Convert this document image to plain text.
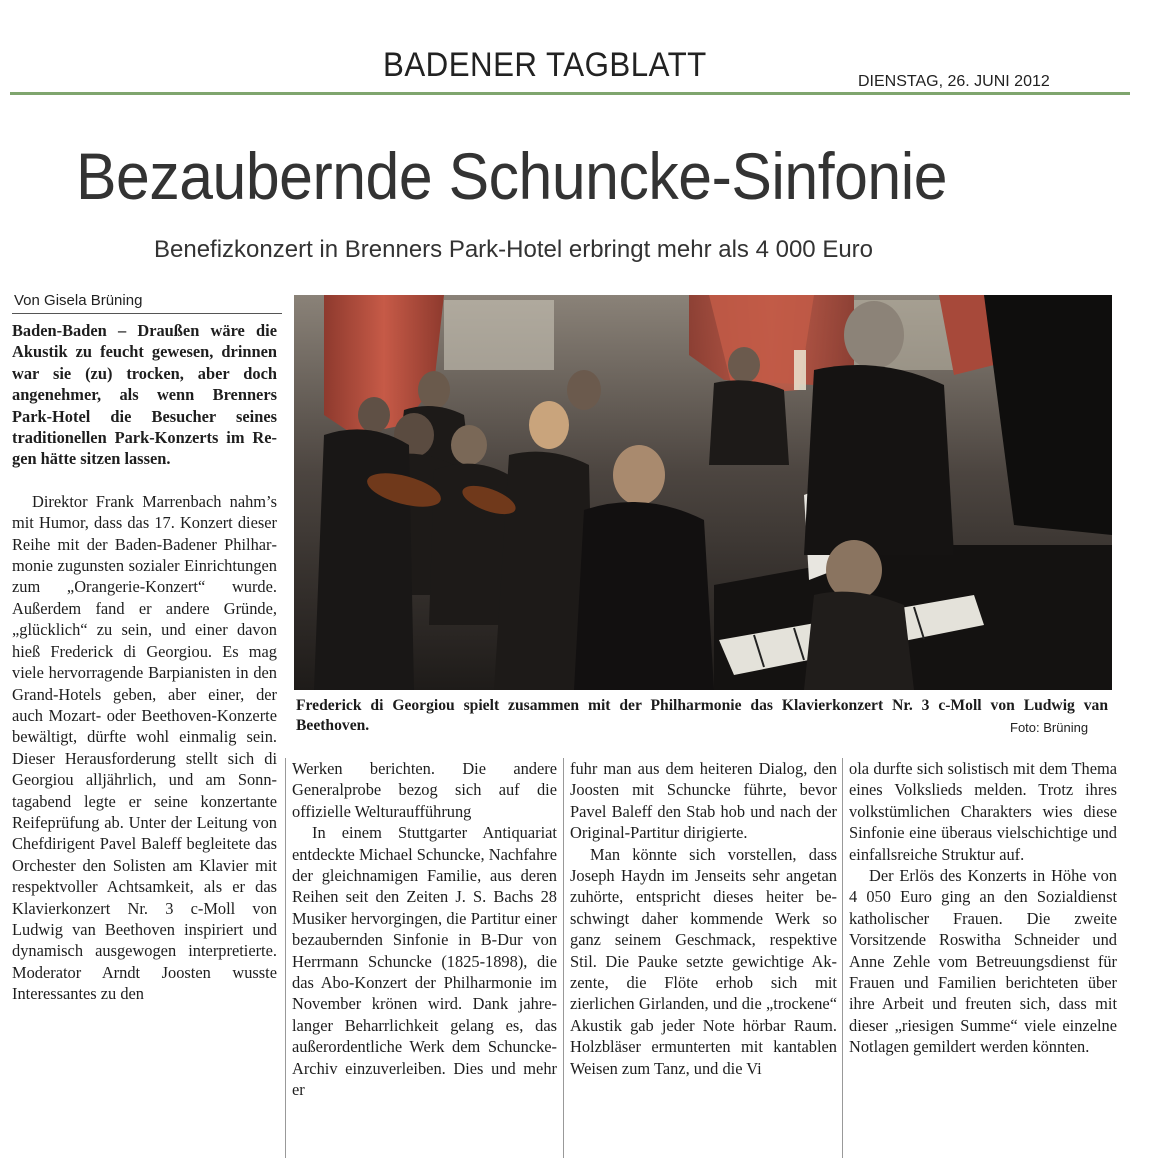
BADENER TAGBLATT	DIENSTAG, 26. JUNI 2012
Bezaubernde Schuncke-Sinfonie
Benefizkonzert in Brenners Park-Hotel erbringt mehr als 4 000 Euro
Von Gisela Brüning

Baden-Baden – Draußen wäre die Akustik zu feucht gewesen, drinnen war sie (zu) trocken, aber doch angenehmer, als wenn Brenners Park-Hotel die Besucher seines traditionellen Park-Konzerts im Regen hätte sitzen lassen.

Direktor Frank Marrenbach nahm’s mit Humor, dass das 17. Konzert dieser Reihe mit der Baden-Badener Philharmonie zugunsten sozialer Einrichtungen zum „Orangerie-Konzert“ wurde. Außerdem fand er andere Gründe, „glücklich“ zu sein, und einer davon hieß Frederick di Georgiou. Es mag viele hervorragende Barpianisten in den Grand-Hotels geben, aber einer, der auch Mozart- oder Beethoven-Konzerte bewältigt, dürfte wohl einmalig sein. Dieser Herausforderung stellt sich di Georgiou alljährlich, und am Sonntagabend legte er seine konzertante Reifeprüfung ab. Unter der Leitung von Chefdirigent Pavel Baleff begleitete das Orchester den Solisten am Klavier mit respektvoller Achtsamkeit, als er das Klavierkonzert Nr. 3 c-Moll von Ludwig van Beethoven inspiriert und dynamisch ausgewogen interpretierte. Moderator Arndt Joosten wusste Interessantes zu den

Frederick di Georgiou spielt zusammen mit der Philharmonie das Klavierkonzert Nr. 3 c-Moll von Ludwig van Beethoven.	Foto: Brüning

Werken berichten. Die andere Generalprobe bezog sich auf die offizielle Welturaufführung

In einem Stuttgarter Antiquariat entdeckte Michael Schuncke, Nachfahre der gleichnamigen Familie, aus deren Reihen seit den Zeiten J. S. Bachs 28 Musiker hervorgingen, die Partitur einer bezaubernden Sinfonie in B-Dur von Herrmann Schuncke (1825-1898), die das Abo-Konzert der Philharmonie im November krönen wird. Dank jahrelanger Beharrlichkeit gelang es, das außerordentliche Werk dem Schuncke-Archiv einzuverleiben. Dies und mehr er

fuhr man aus dem heiteren Dialog, den Joosten mit Schuncke führte, bevor Pavel Baleff den Stab hob und nach der Original-Partitur dirigierte.

Man könnte sich vorstellen, dass Joseph Haydn im Jenseits sehr angetan zuhörte, entspricht dieses heiter beschwingt daher kommende Werk so ganz seinem Geschmack, respektive Stil. Die Pauke setzte gewichtige Akzente, die Flöte erhob sich mit zierlichen Girlanden, und die „trockene“ Akustik gab jeder Note hörbar Raum. Holzbläser ermunterten mit kantablen Weisen zum Tanz, und die Vi

ola durfte sich solistisch mit dem Thema eines Volkslieds melden. Trotz ihres volkstümlichen Charakters wies diese Sinfonie eine überaus vielschichtige und einfallsreiche Struktur auf.

Der Erlös des Konzerts in Höhe von 4 050 Euro ging an den Sozialdienst katholischer Frauen. Die zweite Vorsitzende Roswitha Schneider und Anne Zehle vom Betreuungsdienst für Frauen und Familien berichteten über ihre Arbeit und freuten sich, dass mit dieser „riesigen Summe“ viele einzelne Notlagen gemildert werden könnten.
